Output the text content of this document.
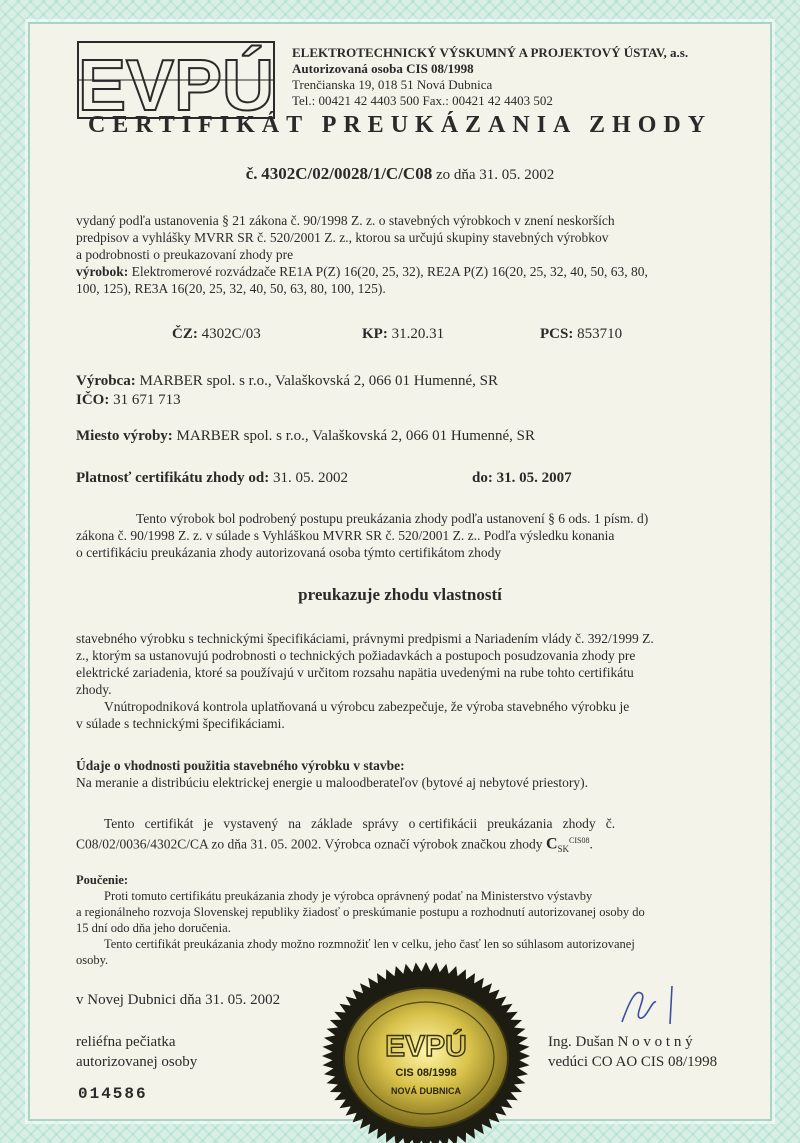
EVPÚ ELEKTROTECHNICKÝ VÝSKUMNÝ A PROJEKTOVÝ ÚSTAV, a.s.
Autorizovaná osoba CIS 08/1998
Trenčianska 19, 018 51 Nová Dubnica
Tel.: 00421 42 4403 500 Fax.: 00421 42 4403 502
CERTIFIKÁT PREUKÁZANIA ZHODY
č. 4302C/02/0028/1/C/C08 zo dňa 31. 05. 2002
vydaný podľa ustanovenia § 21 zákona č. 90/1998 Z. z. o stavebných výrobkoch v znení neskorších
predpisov a vyhlášky MVRR SR č. 520/2001 Z. z., ktorou sa určujú skupiny stavebných výrobkov
a podrobnosti o preukazovaní zhody pre
výrobok: Elektromerové rozvádzače RE1A P(Z) 16(20, 25, 32), RE2A P(Z) 16(20, 25, 32, 40, 50, 63, 80,
100, 125), RE3A 16(20, 25, 32, 40, 50, 63, 80, 100, 125).
ČZ: 4302C/03	KP: 31.20.31	PCS: 853710
Výrobca: MARBER spol. s r.o., Valaškovská 2, 066 01 Humenné, SR
IČO: 31 671 713
Miesto výroby: MARBER spol. s r.o., Valaškovská 2, 066 01 Humenné, SR
Platnosť certifikátu zhody od: 31. 05. 2002	do: 31. 05. 2007
Tento výrobok bol podrobený postupu preukázania zhody podľa ustanovení § 6 ods. 1 písm. d)
zákona č. 90/1998 Z. z. v súlade s Vyhláškou MVRR SR č. 520/2001 Z. z.. Podľa výsledku konania
o certifikáciu preukázania zhody autorizovaná osoba týmto certifikátom zhody
preukazuje zhodu vlastností
stavebného výrobku s technickými špecifikáciami, právnymi predpismi a Nariadením vlády č. 392/1999 Z.
z., ktorým sa ustanovujú podrobnosti o technických požiadavkách a postupoch posudzovania zhody pre
elektrické zariadenia, ktoré sa používajú v určitom rozsahu napätia uvedenými na rube tohto certifikátu
zhody.
Vnútropodniková kontrola uplatňovaná u výrobcu zabezpečuje, že výroba stavebného výrobku je
v súlade s technickými špecifikáciami.
Údaje o vhodnosti použitia stavebného výrobku v stavbe:
Na meranie a distribúciu elektrickej energie u maloodberateľov (bytové aj nebytové priestory).
Tento   certifikát   je   vystavený   na   základe   správy   o certifikácii   preukázania   zhody   č.
C08/02/0036/4302C/CA zo dňa 31. 05. 2002. Výrobca označí výrobok značkou zhody $C_{SK}^{CIS08}$.
Poučenie:
Proti tomuto certifikátu preukázania zhody je výrobca oprávnený podať na Ministerstvo výstavby
a regionálneho rozvoja Slovenskej republiky žiadosť o preskúmanie postupu a rozhodnutí autorizovanej osoby do
15 dní odo dňa jeho doručenia.
Tento certifikát preukázania zhody možno rozmnožiť len v celku, jeho časť len so súhlasom autorizovanej
osoby.
v Novej Dubnici dňa 31. 05. 2002
reliéfna pečiatka
autorizovanej osoby
Ing. Dušan N o v o t n ý
vedúci CO AO CIS 08/1998
EVPÚ
CIS 08/1998
NOVÁ DUBNICA
014586
